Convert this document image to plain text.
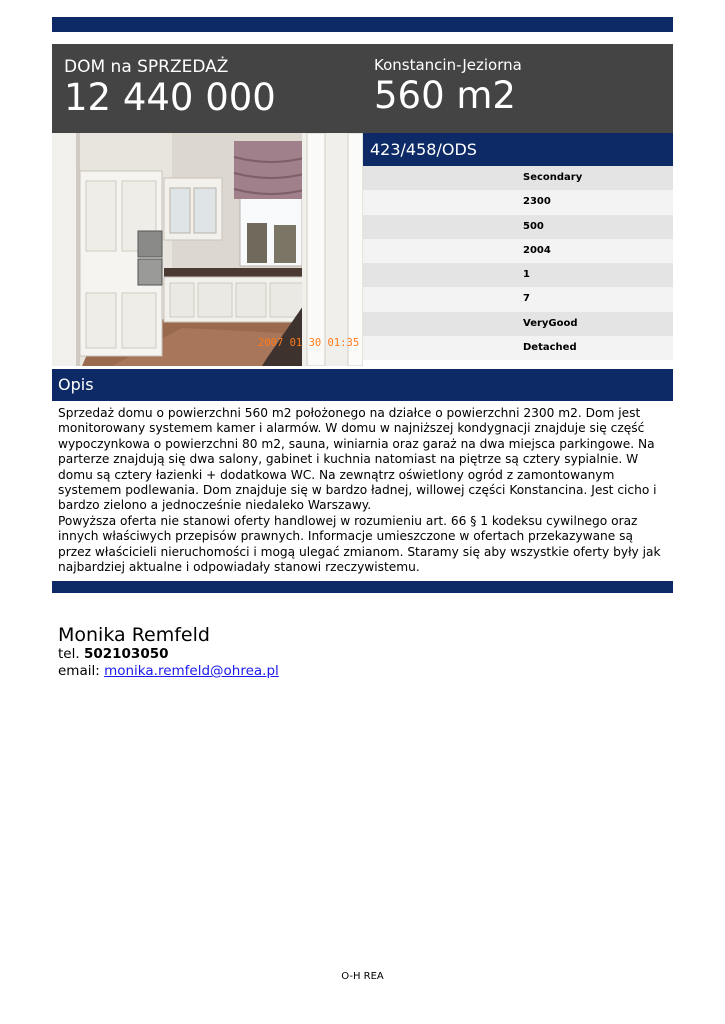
DOM na SPRZEDAŻ
12 440 000
Konstancin-Jeziorna
560 m2
2007 01 30 01:35
423/458/ODS
Secondary
2300
500
2004
1
7
VeryGood
Detached
Opis

Sprzedaż domu o powierzchni 560 m2 położonego na działce o powierzchni 2300 m2. Dom jest monitorowany systemem kamer i alarmów. W domu w najniższej kondygnacji znajduje się część wypoczynkowa o powierzchni 80 m2, sauna, winiarnia oraz garaż na dwa miejsca parkingowe. Na parterze znajdują się dwa salony, gabinet i kuchnia natomiast na piętrze są cztery sypialnie. W domu są cztery łazienki + dodatkowa WC. Na zewnątrz oświetlony ogród z zamontowanym systemem podlewania. Dom znajduje się w bardzo ładnej, willowej części Konstancina. Jest cicho i bardzo zielono a jednocześnie niedaleko Warszawy.

Powyższa oferta nie stanowi oferty handlowej w rozumieniu art. 66 § 1 kodeksu cywilnego oraz innych właściwych przepisów prawnych. Informacje umieszczone w ofertach przekazywane są przez właścicieli nieruchomości i mogą ulegać zmianom. Staramy się aby wszystkie oferty były jak najbardziej aktualne i odpowiadały stanowi rzeczywistemu.

Monika Remfeld
tel. 502103050
email: monika.remfeld@ohrea.pl
O-H REA
